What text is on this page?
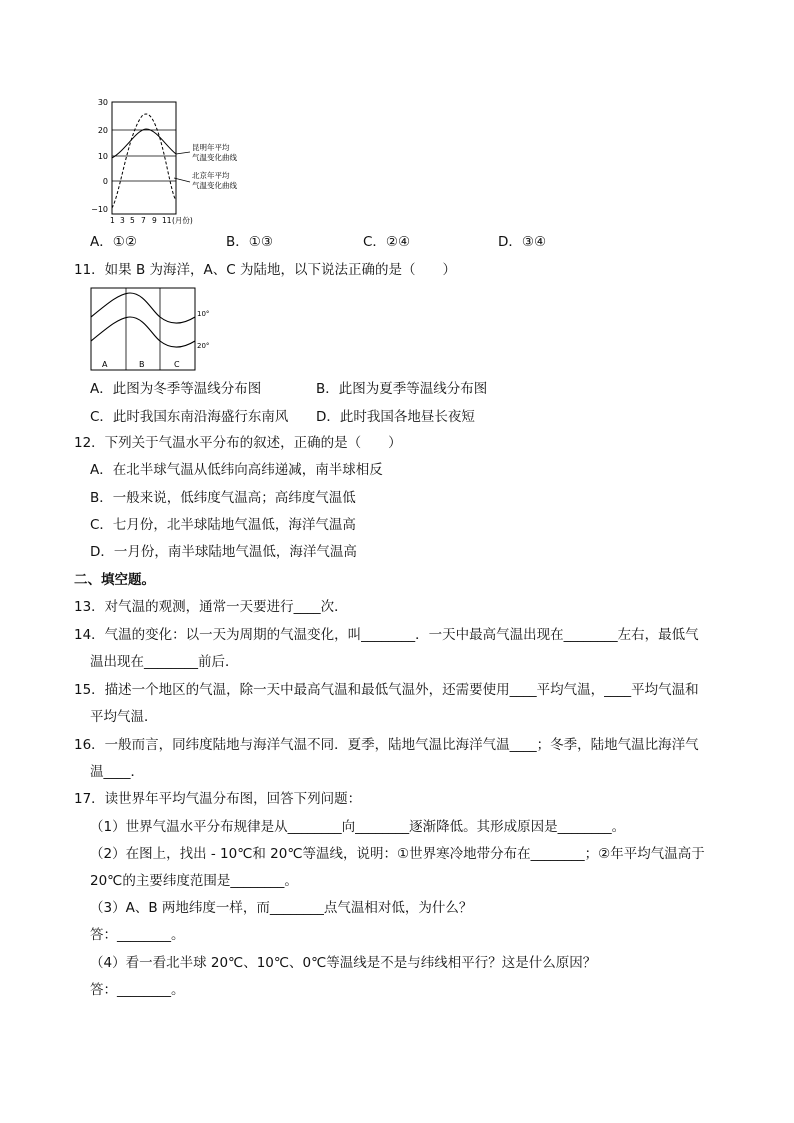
30
20
10
0
−10
1 3 5 7 9 11 (月份)
昆明年平均
气温变化曲线
北京年平均
气温变化曲线
A．①②	B．①③	C．②④	D．③④
11．如果 B 为海洋，A、C 为陆地，以下说法正确的是（　　）
10°
20°
A	B	C
A．此图为冬季等温线分布图	B．此图为夏季等温线分布图
C．此时我国东南沿海盛行东南风 D．此时我国各地昼长夜短
12．下列关于气温水平分布的叙述，正确的是（　　）
A．在北半球气温从低纬向高纬递减，南半球相反
B．一般来说，低纬度气温高；高纬度气温低
C．七月份，北半球陆地气温低，海洋气温高
D．一月份，南半球陆地气温低，海洋气温高
二、填空题。
13．对气温的观测，通常一天要进行____次．
14．气温的变化：以一天为周期的气温变化，叫________．一天中最高气温出现在________左右，最低气
温出现在________前后．
15．描述一个地区的气温，除一天中最高气温和最低气温外，还需要使用____平均气温，____平均气温和
平均气温．
16．一般而言，同纬度陆地与海洋气温不同．夏季，陆地气温比海洋气温____；冬季，陆地气温比海洋气
温____．
17．读世界年平均气温分布图，回答下列问题：
（1）世界气温水平分布规律是从________向________逐渐降低。其形成原因是________。
（2）在图上，找出 - 10℃和 20℃等温线，说明：①世界寒冷地带分布在________；②年平均气温高于
20℃的主要纬度范围是________。
（3）A、B 两地纬度一样，而________点气温相对低，为什么？
答：________。
（4）看一看北半球 20℃、10℃、0℃等温线是不是与纬线相平行？这是什么原因？
答：________。
